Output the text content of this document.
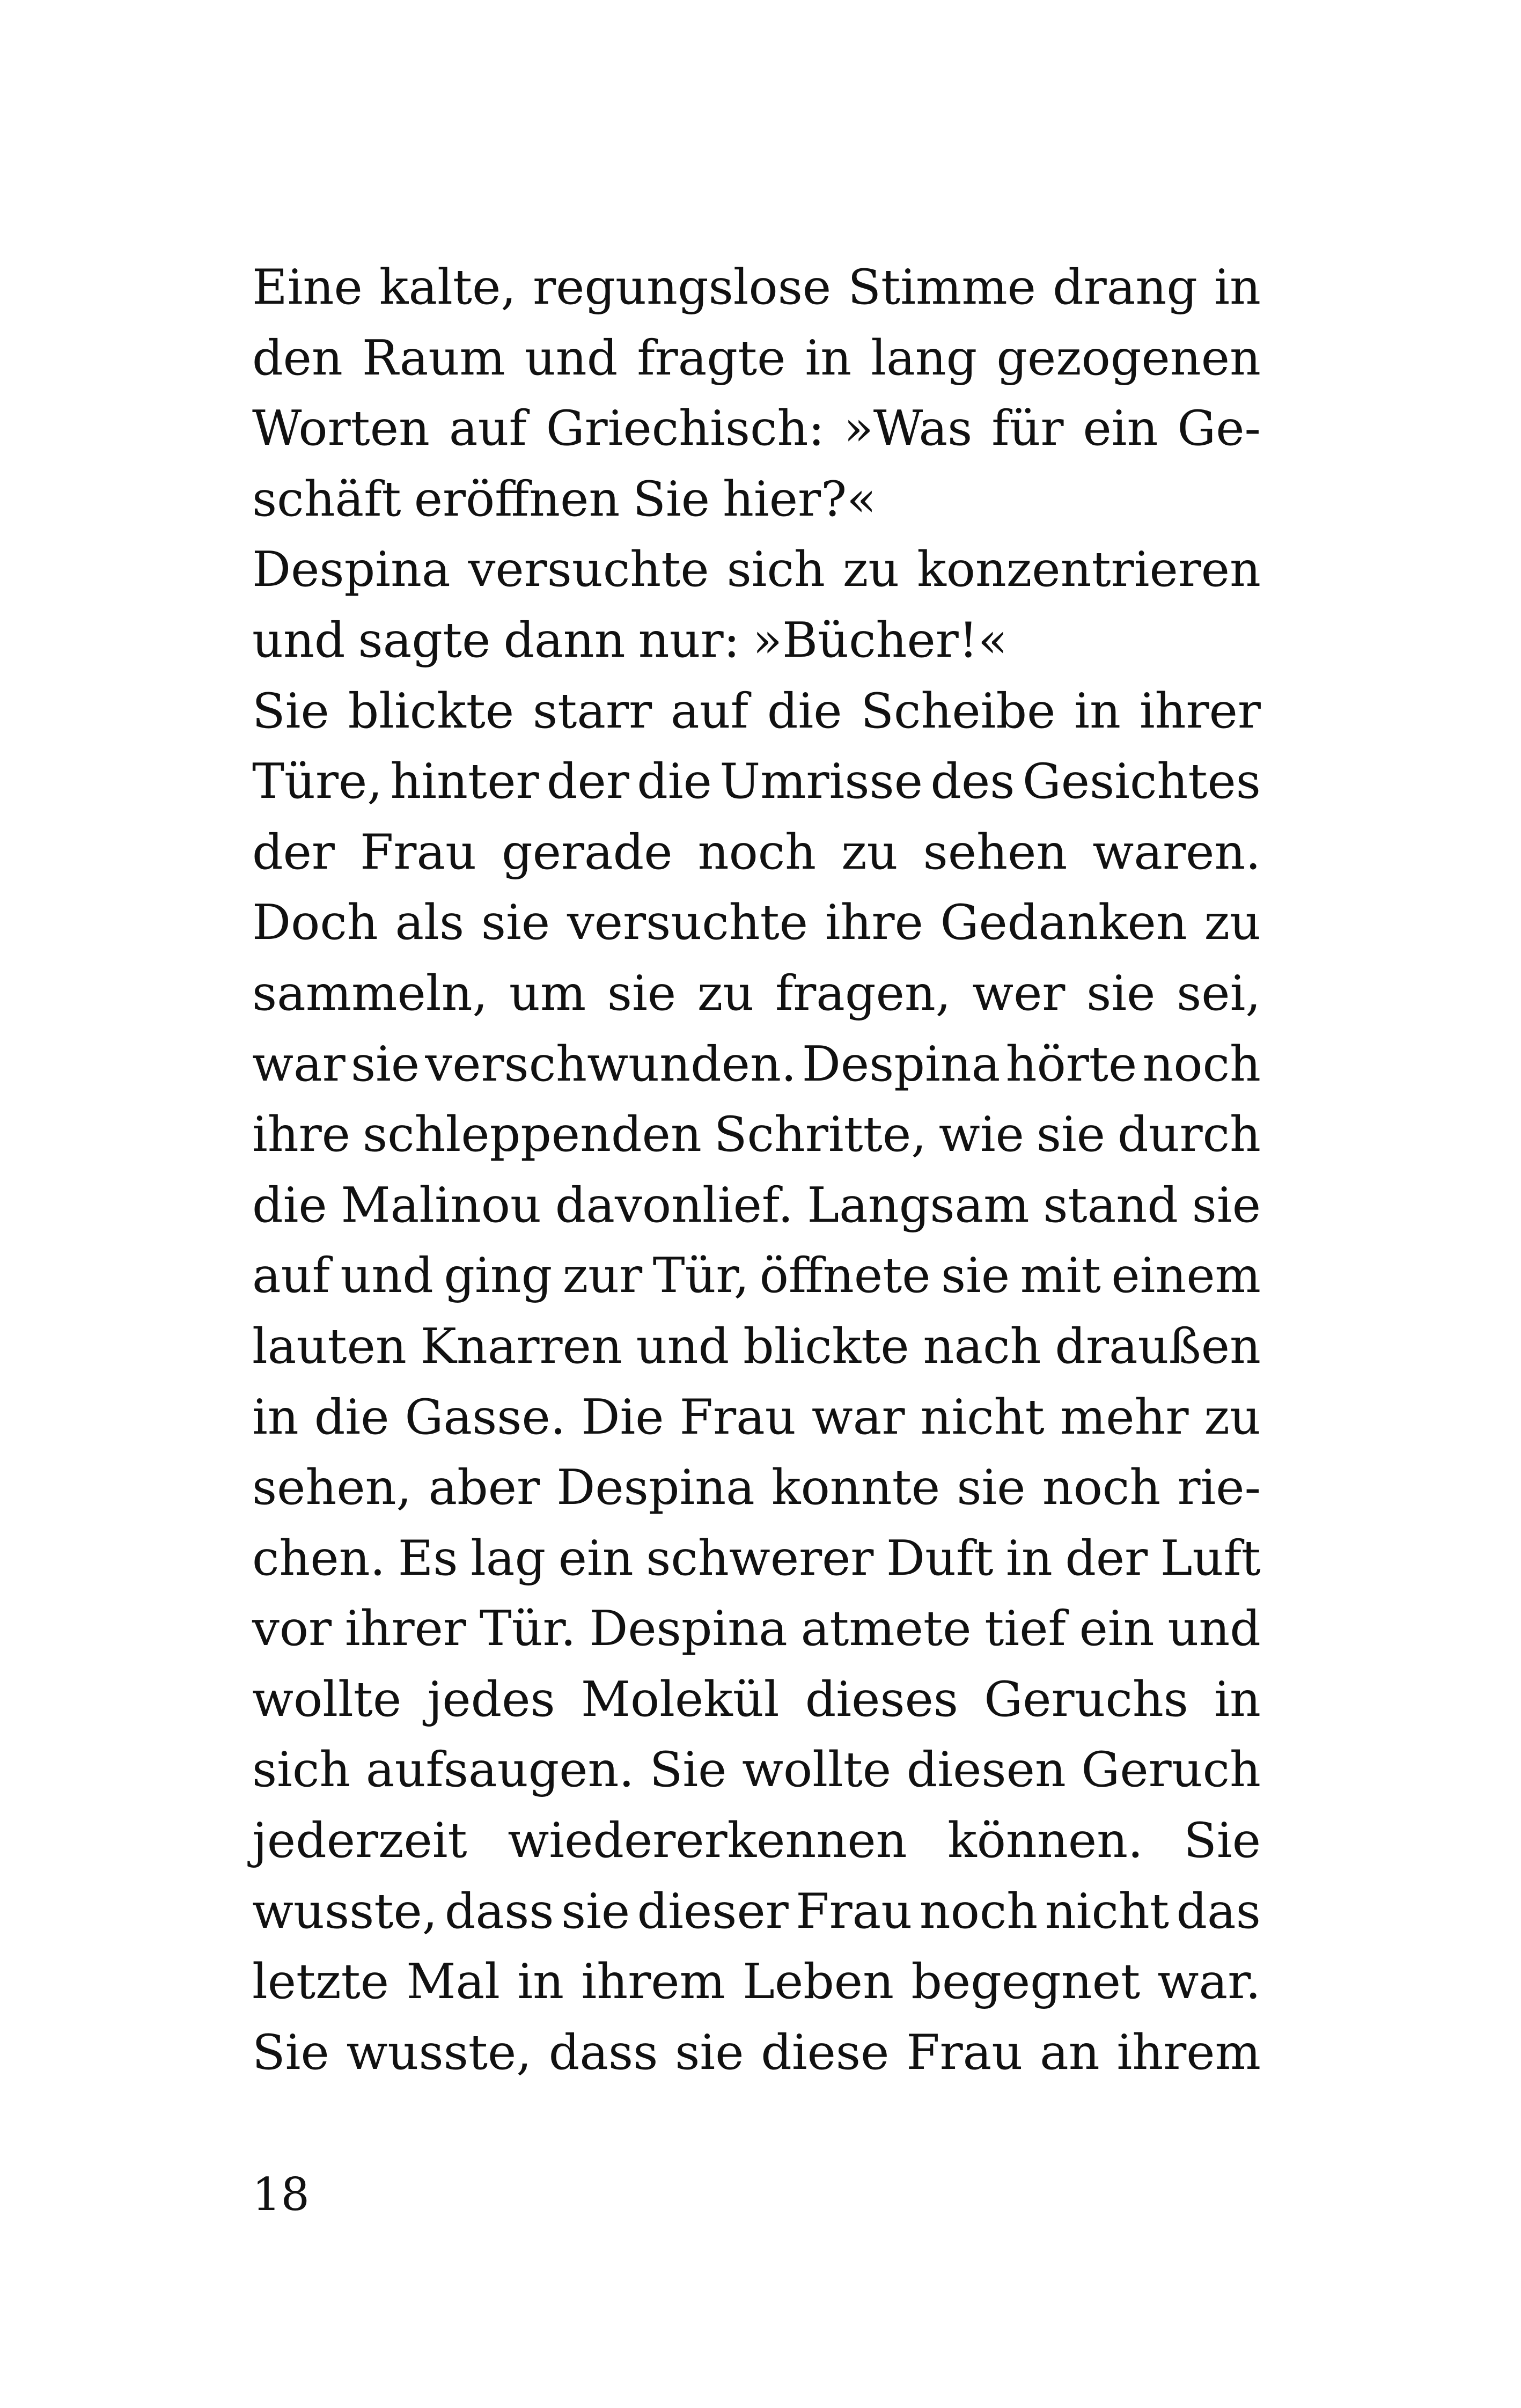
Eine kalte, regungslose Stimme drang in
den Raum und fragte in lang gezogenen
Worten auf Griechisch: »Was für ein Ge-
schäft eröffnen Sie hier?«
Despina versuchte sich zu konzentrieren
und sagte dann nur: »Bücher!«
Sie blickte starr auf die Scheibe in ihrer
Türe, hinter der die Umrisse des Gesichtes
der Frau gerade noch zu sehen waren.
Doch als sie versuchte ihre Gedanken zu
sammeln, um sie zu fragen, wer sie sei,
war sie verschwunden. Despina hörte noch
ihre schleppenden Schritte, wie sie durch
die Malinou davonlief. Langsam stand sie
auf und ging zur Tür, öffnete sie mit einem
lauten Knarren und blickte nach draußen
in die Gasse. Die Frau war nicht mehr zu
sehen, aber Despina konnte sie noch rie-
chen. Es lag ein schwerer Duft in der Luft
vor ihrer Tür. Despina atmete tief ein und
wollte jedes Molekül dieses Geruchs in
sich aufsaugen. Sie wollte diesen Geruch
jederzeit wiedererkennen können. Sie
wusste, dass sie dieser Frau noch nicht das
letzte Mal in ihrem Leben begegnet war.
Sie wusste, dass sie diese Frau an ihrem
18
